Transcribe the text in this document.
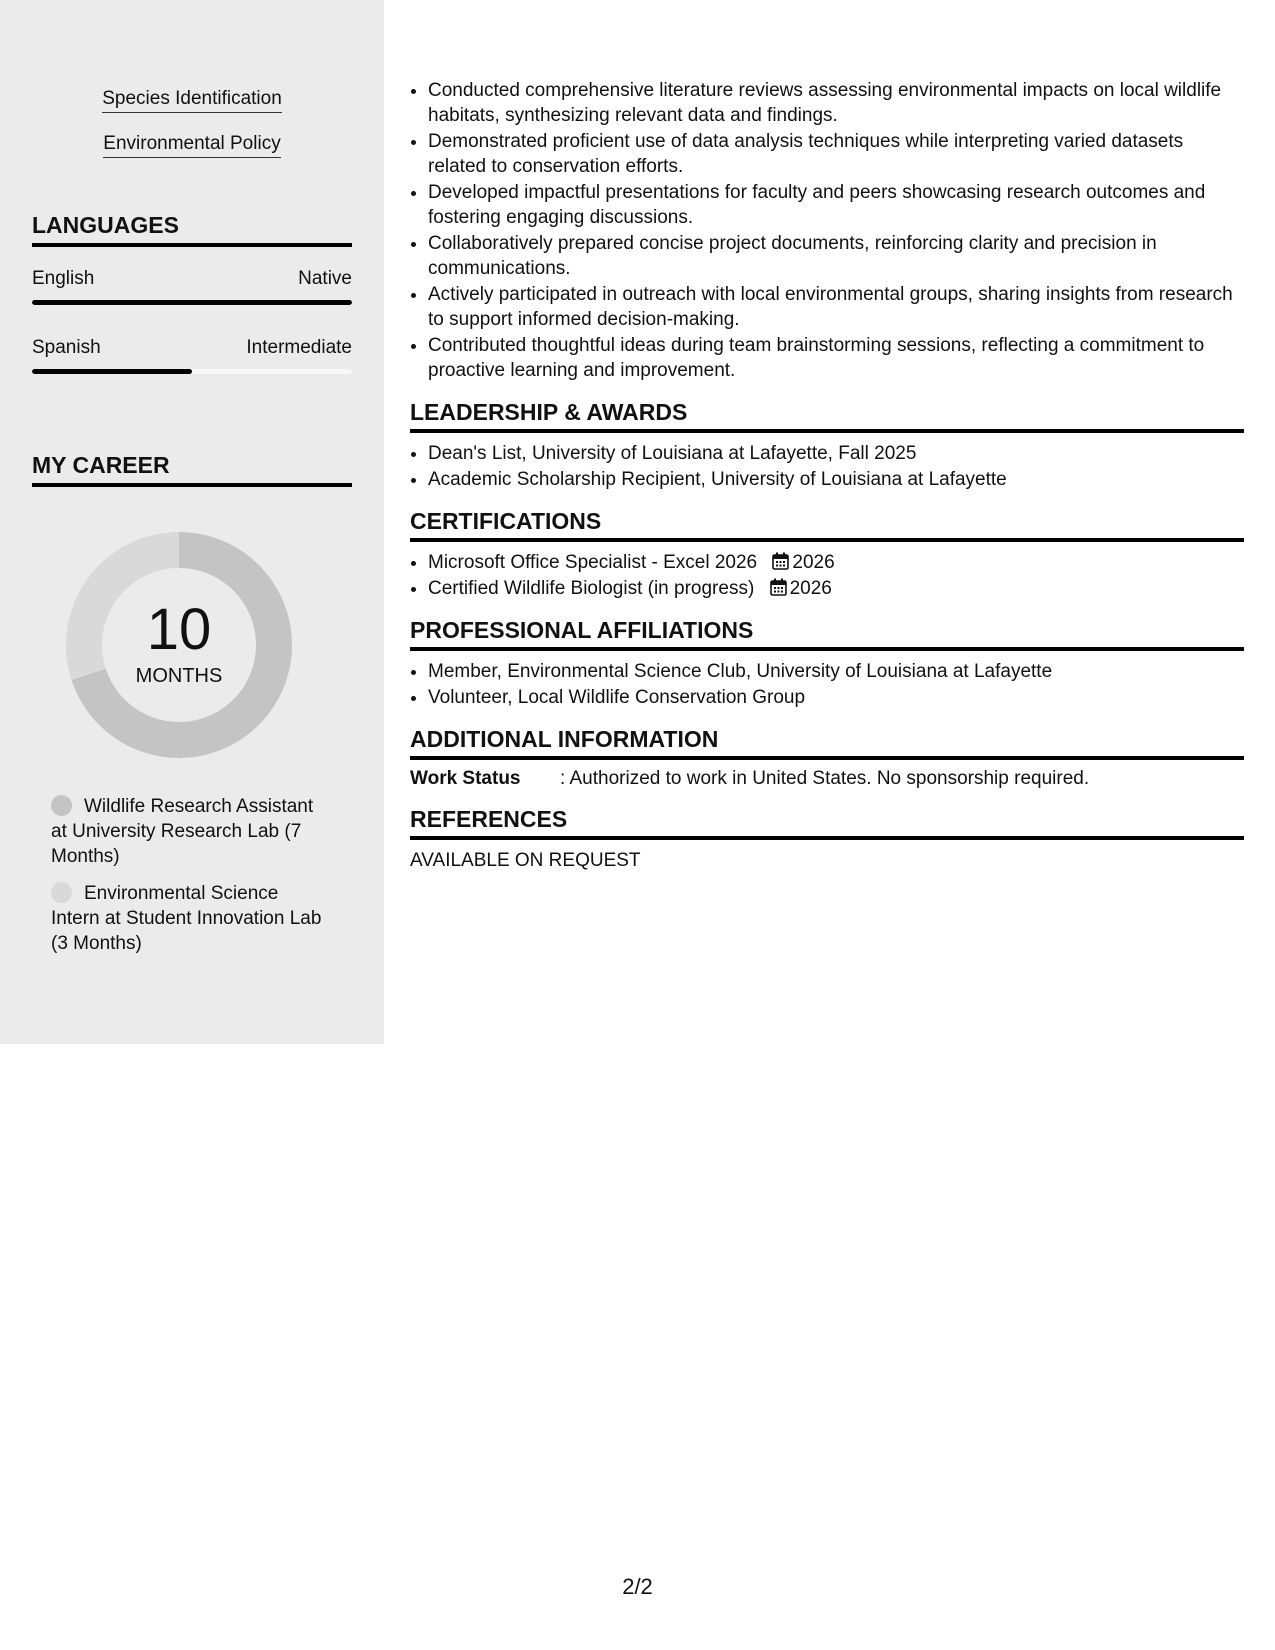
Species Identification
Environmental Policy
LANGUAGES
English	Native
Spanish	Intermediate
MY CAREER
10
MONTHS
Wildlife Research Assistant at University Research Lab (7 Months)
Environmental Science Intern at Student Innovation Lab (3 Months)
• Conducted comprehensive literature reviews assessing environmental impacts on local wildlife habitats, synthesizing relevant data and findings.
• Demonstrated proficient use of data analysis techniques while interpreting varied datasets related to conservation efforts.
• Developed impactful presentations for faculty and peers showcasing research outcomes and fostering engaging discussions.
• Collaboratively prepared concise project documents, reinforcing clarity and precision in communications.
• Actively participated in outreach with local environmental groups, sharing insights from research to support informed decision-making.
• Contributed thoughtful ideas during team brainstorming sessions, reflecting a commitment to proactive learning and improvement.
LEADERSHIP & AWARDS
• Dean's List, University of Louisiana at Lafayette, Fall 2025
• Academic Scholarship Recipient, University of Louisiana at Lafayette
CERTIFICATIONS
• Microsoft Office Specialist - Excel 2026 2026
• Certified Wildlife Biologist (in progress) 2026
PROFESSIONAL AFFILIATIONS
• Member, Environmental Science Club, University of Louisiana at Lafayette
• Volunteer, Local Wildlife Conservation Group
ADDITIONAL INFORMATION
Work Status	: Authorized to work in United States. No sponsorship required.
REFERENCES
AVAILABLE ON REQUEST
2/2
